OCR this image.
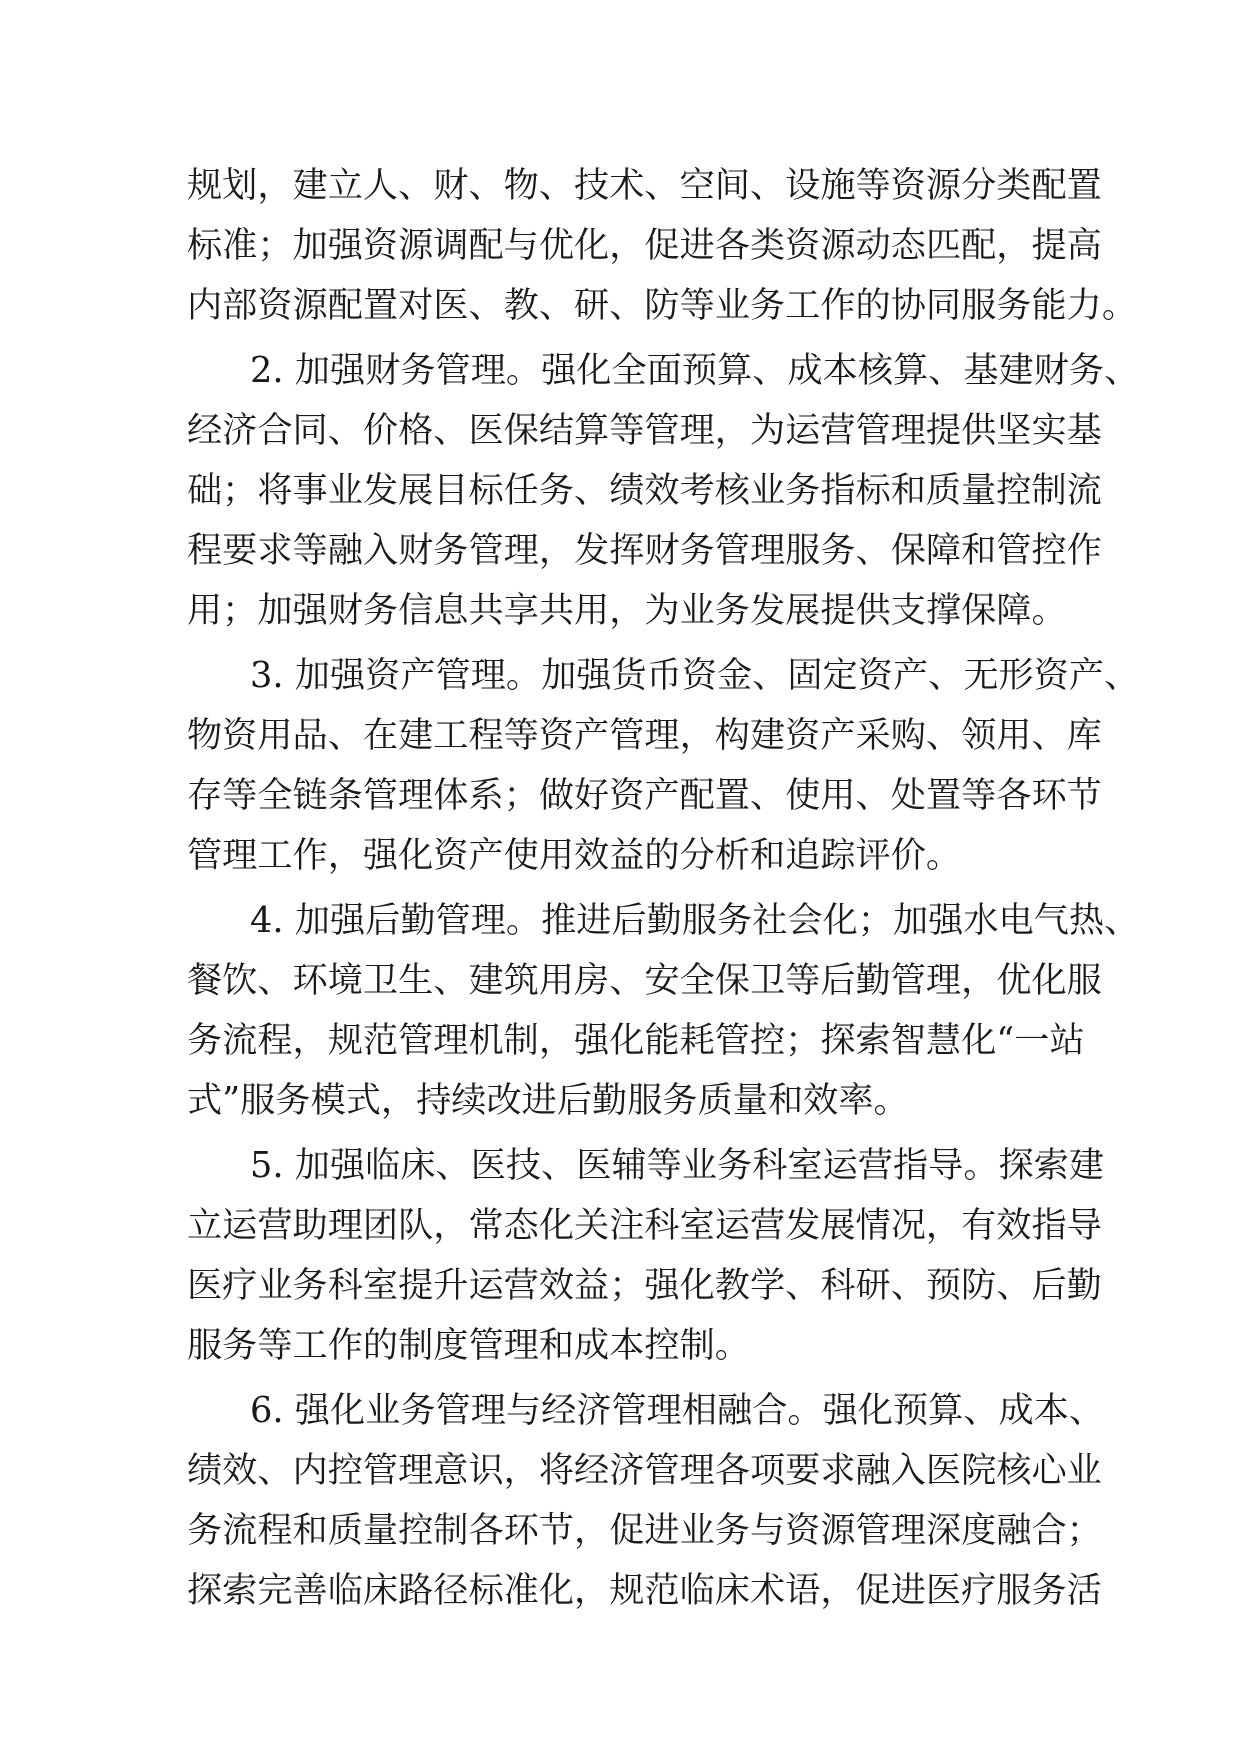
规划，建立人、财、物、技术、空间、设施等资源分类配置
标准；加强资源调配与优化，促进各类资源动态匹配，提高
内部资源配置对医、教、研、防等业务工作的协同服务能力。
2. 加强财务管理。强化全面预算、成本核算、基建财务、
经济合同、价格、医保结算等管理，为运营管理提供坚实基
础；将事业发展目标任务、绩效考核业务指标和质量控制流
程要求等融入财务管理，发挥财务管理服务、保障和管控作
用；加强财务信息共享共用，为业务发展提供支撑保障。
3. 加强资产管理。加强货币资金、固定资产、无形资产、
物资用品、在建工程等资产管理，构建资产采购、领用、库
存等全链条管理体系；做好资产配置、使用、处置等各环节
管理工作，强化资产使用效益的分析和追踪评价。
4. 加强后勤管理。推进后勤服务社会化；加强水电气热、
餐饮、环境卫生、建筑用房、安全保卫等后勤管理，优化服
务流程，规范管理机制，强化能耗管控；探索智慧化“一站
式”服务模式，持续改进后勤服务质量和效率。
5. 加强临床、医技、医辅等业务科室运营指导。探索建
立运营助理团队，常态化关注科室运营发展情况，有效指导
医疗业务科室提升运营效益；强化教学、科研、预防、后勤
服务等工作的制度管理和成本控制。
6. 强化业务管理与经济管理相融合。强化预算、成本、
绩效、内控管理意识，将经济管理各项要求融入医院核心业
务流程和质量控制各环节，促进业务与资源管理深度融合；
探索完善临床路径标准化，规范临床术语，促进医疗服务活
